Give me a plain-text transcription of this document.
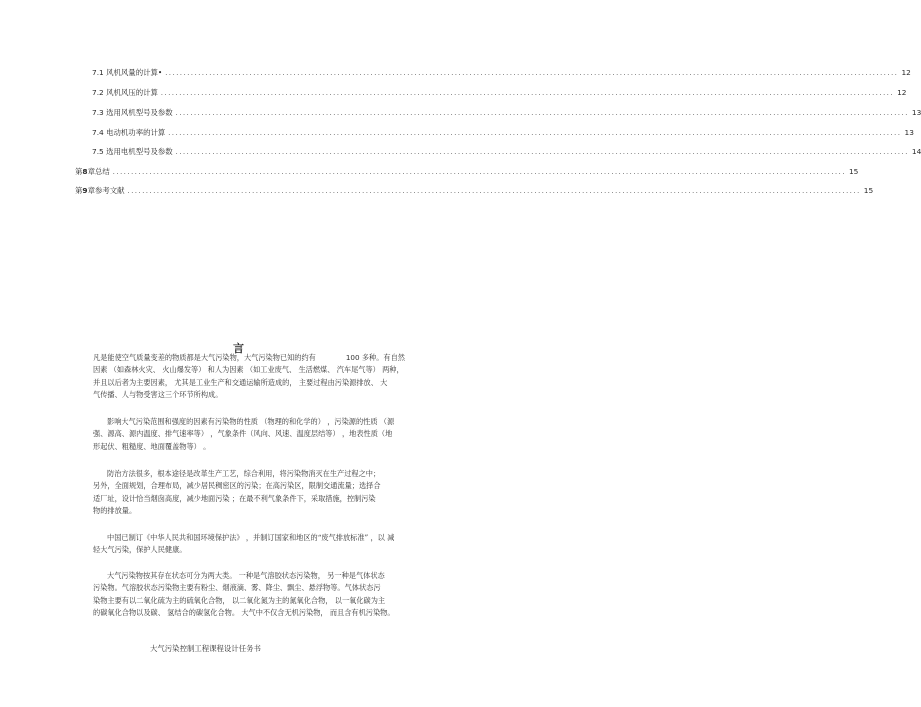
7.1 风机风量的计算• ........................................................................................................................................................................................................ 12
7.2 风机风压的计算 ........................................................................................................................................................................................................ 12
7.3 选用风机型号及参数 ........................................................................................................................................................................................................ 13
7.4 电动机功率的计算 ........................................................................................................................................................................................................ 13
7.5 选用电机型号及参数 ........................................................................................................................................................................................................ 14
第8章总结 ........................................................................................................................................................................................................ 15
第9章参考文献 ........................................................................................................................................................................................................ 15
言
凡是能使空气质量变差的物质都是大气污染物，大气污染物已知的约有	100 多种。有自然
因素 （如森林火灾、 火山爆发等） 和人为因素 （如工业废气、 生活燃煤、 汽车尾气等） 两种，
并且以后者为主要因素， 尤其是工业生产和交通运输所造成的， 主要过程由污染源排放、 大
气传播、人与物受害这三个环节所构成。
影响大气污染范围和强度的因素有污染物的性质 （物理的和化学的） ，污染源的性质 （源
强、源高、源内温度、排气速率等） ，气象条件（风向、风速、温度层结等） ，地表性质（地
形起伏、粗糙度、地面覆盖物等） 。
防治方法很多，根本途径是改革生产工艺，综合利用，将污染物消灭在生产过程之中；
另外，全面规划，合理布局，减少居民稠密区的污染；在高污染区，限制交通流量；选择合
适厂址，设计恰当烟囱高度，减少地面污染 ；在最不利气象条件下，采取措施，控制污染
物的排放量。
中国已制订《中华人民共和国环境保护法》 ，并制订国家和地区的“废气排放标准” ，以 减
轻大气污染，保护人民健康。
大气污染物按其存在状态可分为两大类。 一种是气溶胶状态污染物， 另一种是气体状态
污染物。气溶胶状态污染物主要有粉尘、烟液滴、雾、降尘、飘尘、悬浮物等。气体状态污
染物主要有以二氧化硫为主的硫氧化合物， 以二氧化氮为主的氮氧化合物， 以一氧化碳为主
的碳氧化合物以及碳、 氢结合的碳氢化合物。 大气中不仅含无机污染物， 而且含有机污染物。
大气污染控制工程课程设计任务书
